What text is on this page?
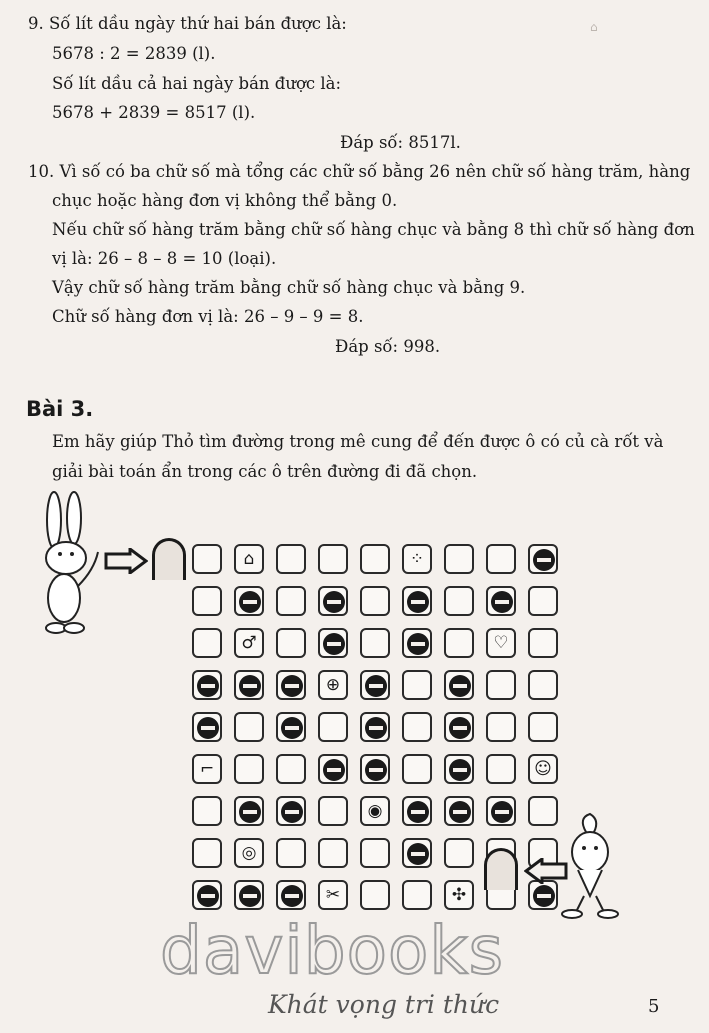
9. Số lít dầu ngày thứ hai bán được là:
5678 : 2 = 2839 (l).
Số lít dầu cả hai ngày bán được là:
5678 + 2839 = 8517 (l).
Đáp số: 8517l.
10. Vì số có ba chữ số mà tổng các chữ số bằng 26 nên chữ số hàng trăm, hàng
chục hoặc hàng đơn vị không thể bằng 0.
Nếu chữ số hàng trăm bằng chữ số hàng chục và bằng 8 thì chữ số hàng đơn
vị là: 26 – 8 – 8 = 10 (loại).
Vậy chữ số hàng trăm bằng chữ số hàng chục và bằng 9.
Chữ số hàng đơn vị là: 26 – 9 – 9 = 8.
Đáp số: 998.
Bài 3.
Em hãy giúp Thỏ tìm đường trong mê cung để đến được ô có củ cà rốt và
giải bài toán ẩn trong các ô trên đường đi đã chọn.
⌂
⌂	⁘
♂	♡
⊕
⌐	☺
◉
◎
✂	✣
davibooks
Khát vọng tri thức	5
